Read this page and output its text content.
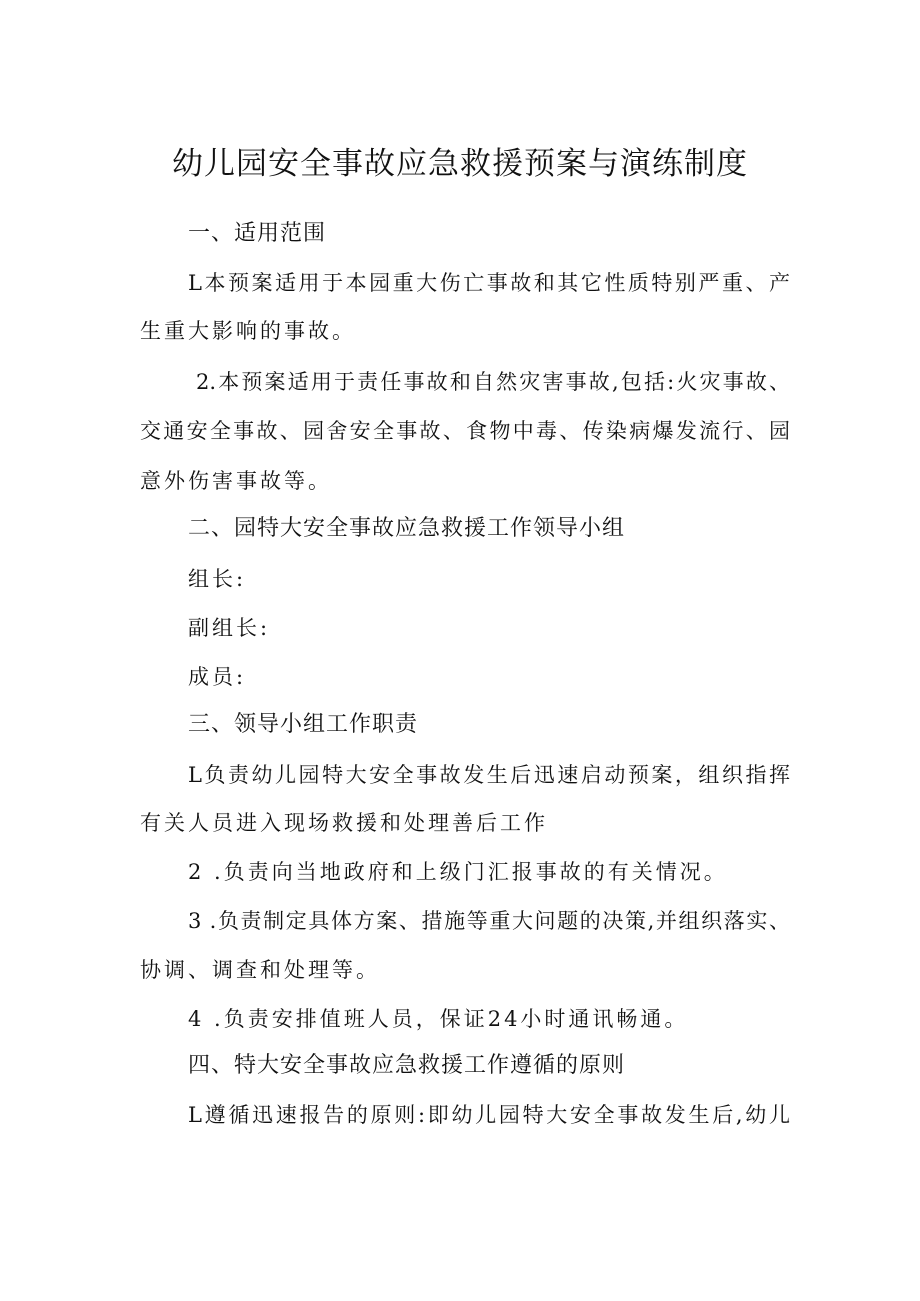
幼儿园安全事故应急救援预案与演练制度

一、适用范围

L本预案适用于本园重大伤亡事故和其它性质特别严重、产

生重大影响的事故。

2.本预案适用于责任事故和自然灾害事故,包括:火灾事故、

交通安全事故、园舍安全事故、食物中毒、传染病爆发流行、园

意外伤害事故等。

二、园特大安全事故应急救援工作领导小组

组长:

副组长:

成员:

三、领导小组工作职责

L负责幼儿园特大安全事故发生后迅速启动预案，组织指挥

有关人员进入现场救援和处理善后工作

2 .负责向当地政府和上级门汇报事故的有关情况。

3 .负责制定具体方案、措施等重大问题的决策,并组织落实、

协调、调查和处理等。

4 .负责安排值班人员，保证24小时通讯畅通。

四、特大安全事故应急救援工作遵循的原则

L遵循迅速报告的原则:即幼儿园特大安全事故发生后,幼儿
